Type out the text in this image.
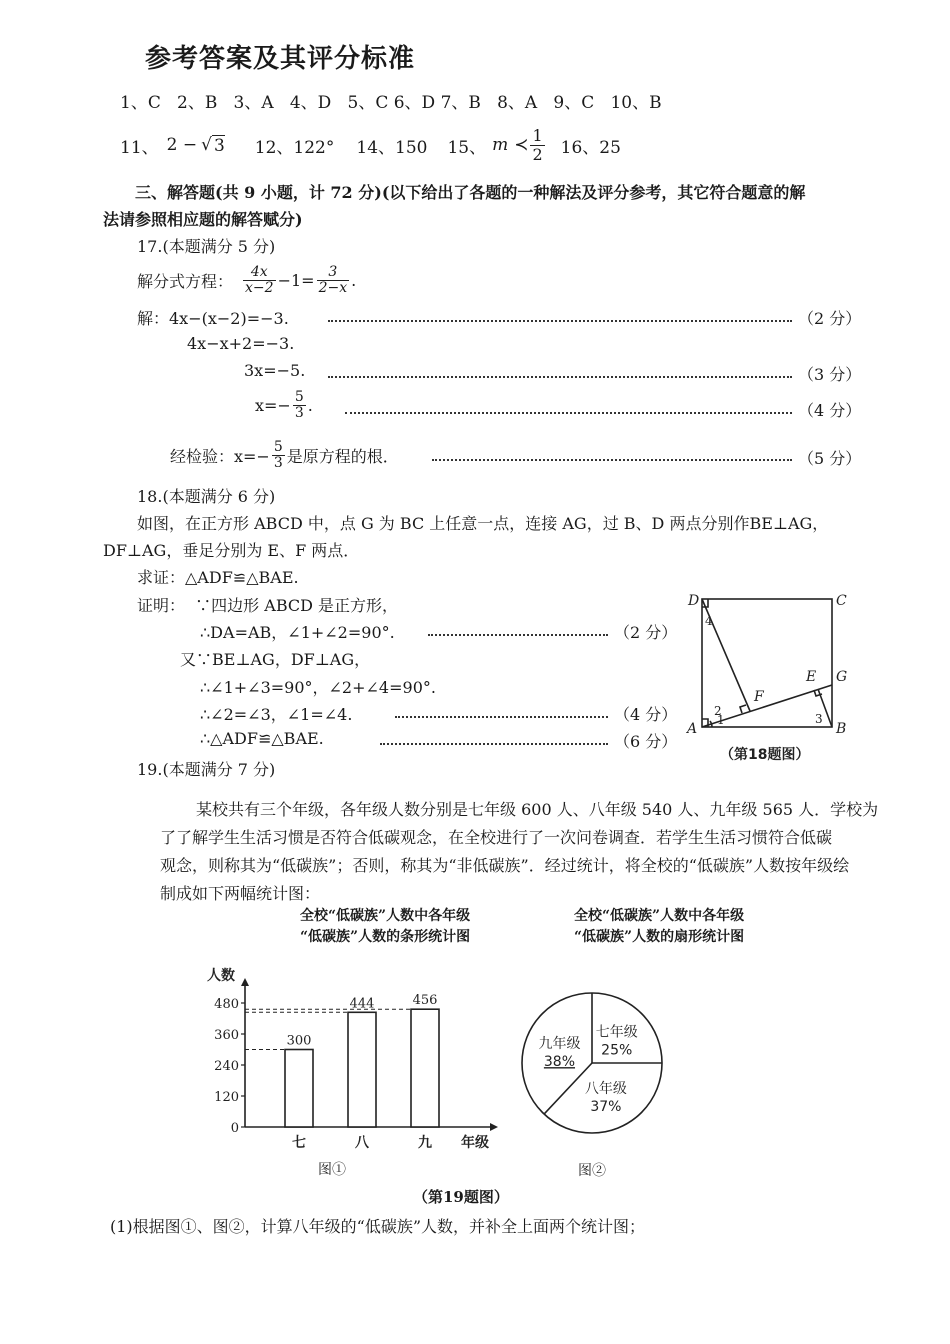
参考答案及其评分标准
1、C   2、B   3、A   4、D   5、C 6、D 7、B   8、A   9、C   10、B
11、 2 − √ 3 12、122° 14、150 15、 m ≺ $\frac{1}{2} 16$、25
三、解答题(共 9 小题，计 72 分)(以下给出了各题的一种解法及评分参考，其它符合题意的解
法请参照相应题的解答赋分)
17.(本题满分 5 分)
解分式方程： $\frac{4x}{x-2} -1= \frac{3}{2-x}$ .
解：4x−(x−2)=−3.	（2 分）
4x−x+2=−3.
3x=−5.	（3 分）
$x=- \frac{5}{3}$ .	（4 分）
经检验：$x=- \frac{5}{3}$ 是原方程的根．	（5 分）
18.(本题满分 6 分)
如图，在正方形 ABCD 中，点 G 为 BC 上任意一点，连接 AG，过 B、D 两点分别作BE⊥AG，
DF⊥AG，垂足分别为 E、F 两点．
求证：△ADF≌△BAE.
证明：  ∵四边形 ABCD 是正方形，
∴DA=AB，∠1+∠2=90°.	（2 分）
又∵BE⊥AG，DF⊥AG，
∴∠1+∠3=90°，∠2+∠4=90°.
∴∠2=∠3，∠1=∠4.	（4 分）
∴△ADF≌△BAE.	（6 分）
D	C
A	B
E
F
G
1
2
3
4
（第18题图）
19.(本题满分 7 分)
某校共有三个年级，各年级人数分别是七年级 600 人、八年级 540 人、九年级 565 人．学校为
了了解学生生活习惯是否符合低碳观念，在全校进行了一次问卷调查．若学生生活习惯符合低碳
观念，则称其为“低碳族”；否则，称其为“非低碳族”．经过统计，将全校的“低碳族”人数按年级绘
制成如下两幅统计图：
全校“低碳族”人数中各年级
“低碳族”人数的条形统计图
全校“低碳族”人数中各年级
“低碳族”人数的扇形统计图
人数
年级
0
120
240
360
480
300
七
444
八
456
九
图①
七年级
25%
八年级
37%
九年级
38%
图②
（第19题图）
(1)根据图①、图②，计算八年级的“低碳族”人数，并补全上面两个统计图；
